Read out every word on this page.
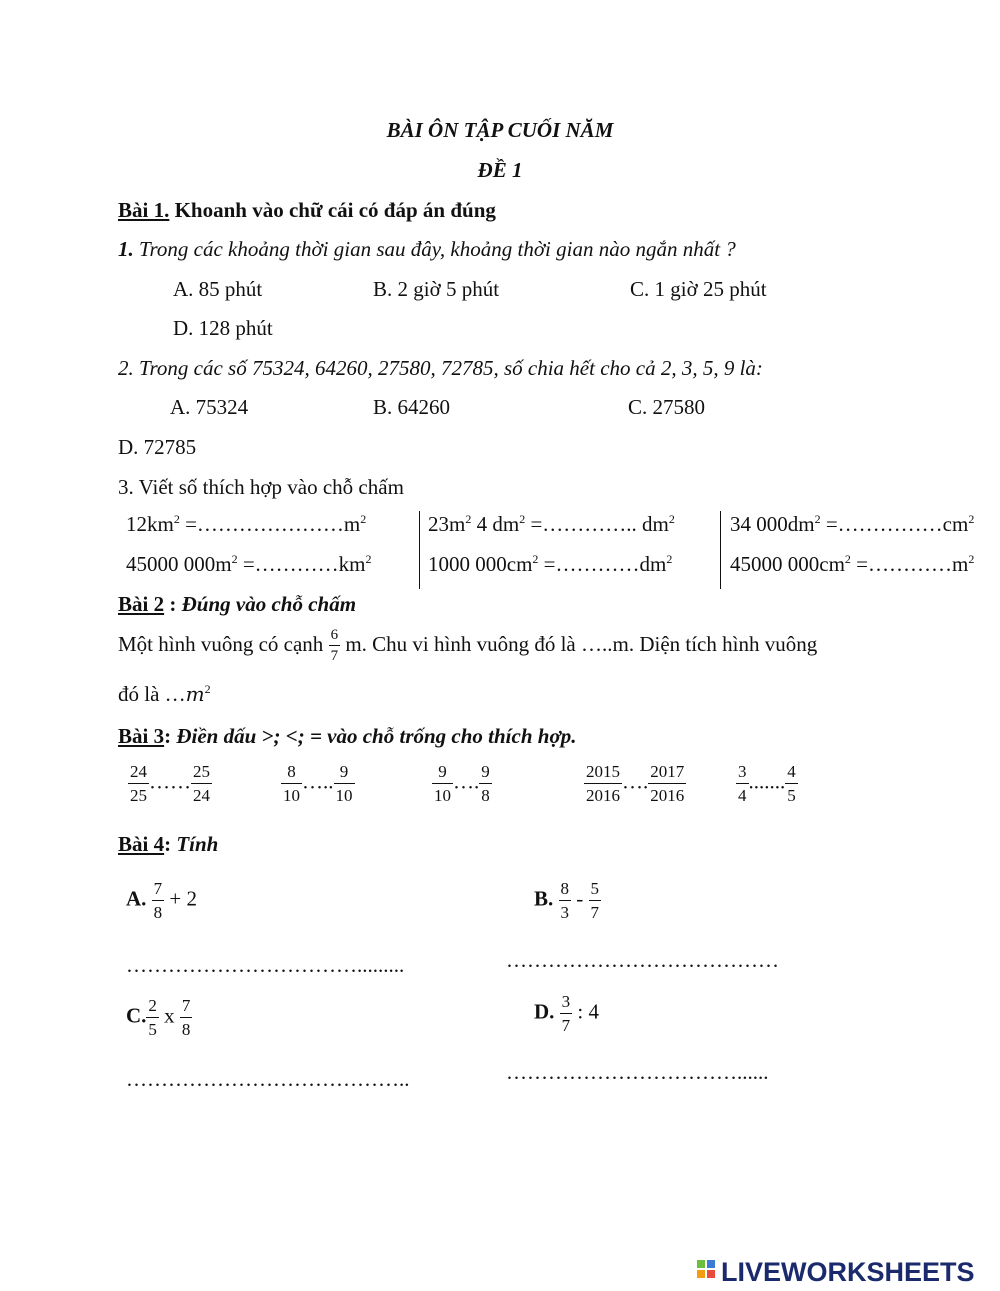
BÀI ÔN TẬP CUỐI NĂM
ĐỀ 1
Bài 1. Khoanh vào chữ cái có đáp án đúng
1. Trong các khoảng thời gian sau đây, khoảng thời gian nào ngắn nhất ?
A. 85 phút	B. 2 giờ 5 phút	C. 1 giờ 25 phút
D. 128 phút
2. Trong các số 75324, 64260, 27580, 72785, số chia hết cho cả 2, 3, 5, 9 là:
A. 75324	B. 64260	C. 27580
D. 72785
3. Viết số thích hợp vào chỗ chấm
$12km^2$ $=\dots\dots\dots\dots\dots\dots\dots m^2$	$23m^2$ 4 $dm^2$ =………….. $dm^2$	34 $000dm^2$ $=\dots\dots\dots\dots\dots cm^2$
45000 $000m^2$ $=\dots\dots\dots\dots km^2$	1000 $000cm^2$ $=\dots\dots\dots\dots dm^2$	45000 $000cm^2$ $=\dots\dots\dots\dots m^2$
Bài 2 : Đúng vào chỗ chấm
Một hình vuông có cạnh $\frac{6}{7} m$. Chu vi hình vuông đó là …..m. Diện tích hình vuông
đó là $\dots m^2$
Bài 3: Điền dấu >; <; = vào chỗ trống cho thích hợp.
$\frac{24}{25}$ …… $\frac{25}{24}$	$\frac{8}{10}$ ….. $\frac{9}{10}$	$\frac{9}{10}$ …. $\frac{9}{8}$	$\frac{2015}{2016}$ …. $\frac{2017}{2016}$	$\frac{3}{4}$ ....... $\frac{4}{5}$
Bài 4: Tính
A. $\frac{7}{8} + 2$
…………………………….........
B. $\frac{8}{3} - \frac{5}{7}$
…………………………………
C. $\frac{2}{5}$ x $\frac{7}{8}$
…………………………………..
D. $\frac{3}{7}$ : 4
……………………………......
LIVEWORKSHEETS
